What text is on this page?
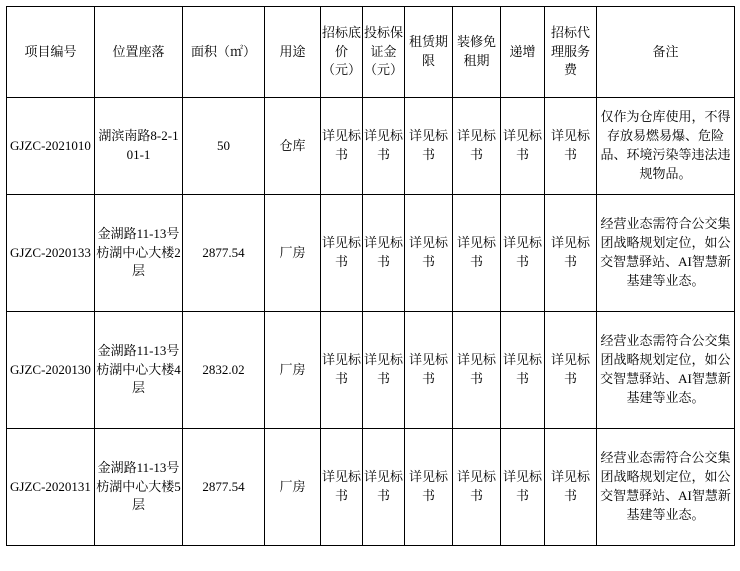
项目编号	位置座落	面积（㎡）	用途	招标底价（元）	投标保证金（元）	租赁期限	装修免租期	递增	招标代理服务费	备注
GJZC-2021010	湖滨南路8-2-101-1	50	仓库	详见标书	详见标书	详见标书	详见标书	详见标书	详见标书	仅作为仓库使用，不得存放易燃易爆、危险品、环境污染等违法违规物品。
GJZC-2020133	金湖路11-13号枋湖中心大楼2层	2877.54	厂房	详见标书	详见标书	详见标书	详见标书	详见标书	详见标书	经营业态需符合公交集团战略规划定位，如公交智慧驿站、AI智慧新基建等业态。
GJZC-2020130	金湖路11-13号枋湖中心大楼4层	2832.02	厂房	详见标书	详见标书	详见标书	详见标书	详见标书	详见标书	经营业态需符合公交集团战略规划定位，如公交智慧驿站、AI智慧新基建等业态。
GJZC-2020131	金湖路11-13号枋湖中心大楼5层	2877.54	厂房	详见标书	详见标书	详见标书	详见标书	详见标书	详见标书	经营业态需符合公交集团战略规划定位，如公交智慧驿站、AI智慧新基建等业态。
